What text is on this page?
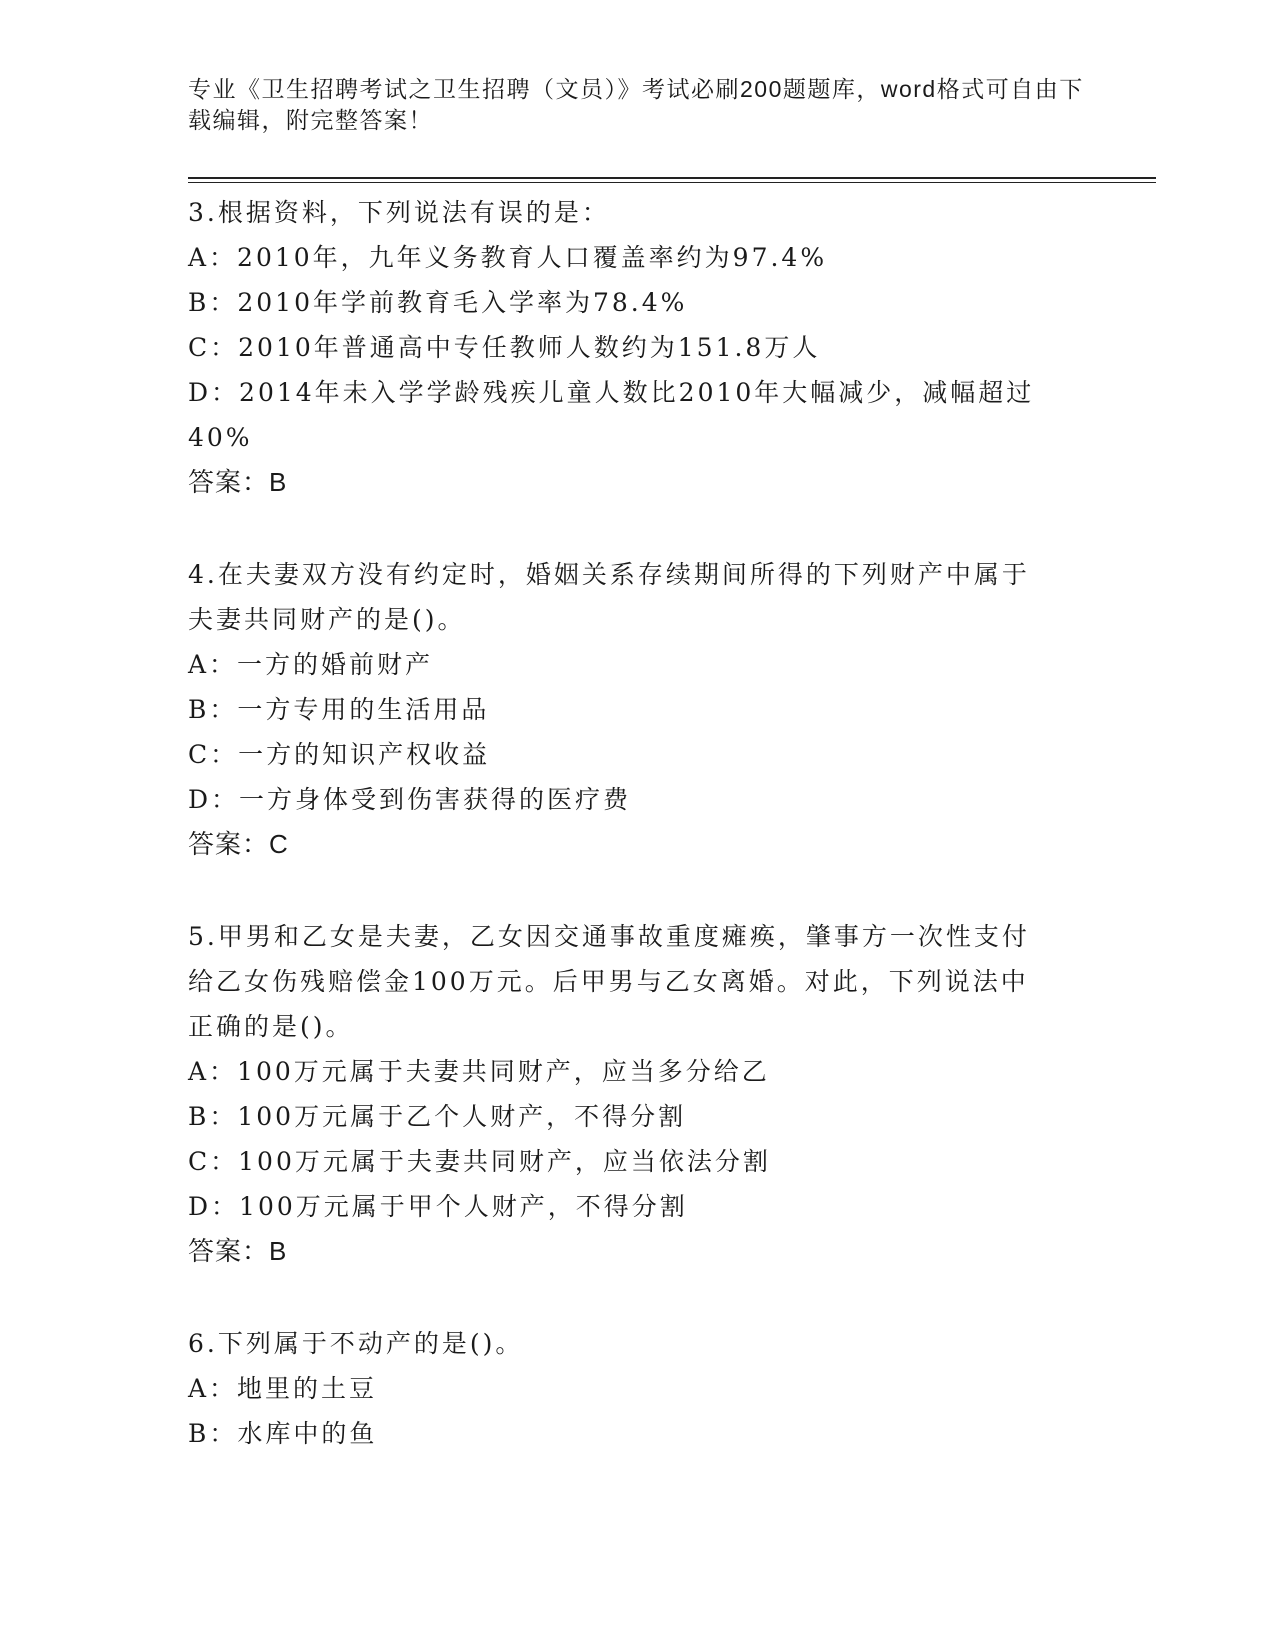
专业《卫生招聘考试之卫生招聘（文员）》考试必刷200题题库，word格式可自由下载编辑，附完整答案！
3.根据资料，下列说法有误的是：
A：2010年，九年义务教育人口覆盖率约为97.4%
B：2010年学前教育毛入学率为78.4%
C：2010年普通高中专任教师人数约为151.8万人
D：2014年未入学学龄残疾儿童人数比2010年大幅减少，减幅超过
40%
答案：B
4.在夫妻双方没有约定时，婚姻关系存续期间所得的下列财产中属于
夫妻共同财产的是()。
A：一方的婚前财产
B：一方专用的生活用品
C：一方的知识产权收益
D：一方身体受到伤害获得的医疗费
答案：C
5.甲男和乙女是夫妻，乙女因交通事故重度瘫痪，肇事方一次性支付
给乙女伤残赔偿金100万元。后甲男与乙女离婚。对此，下列说法中
正确的是()。
A：100万元属于夫妻共同财产，应当多分给乙
B：100万元属于乙个人财产，不得分割
C：100万元属于夫妻共同财产，应当依法分割
D：100万元属于甲个人财产，不得分割
答案：B
6.下列属于不动产的是()。
A：地里的土豆
B：水库中的鱼
